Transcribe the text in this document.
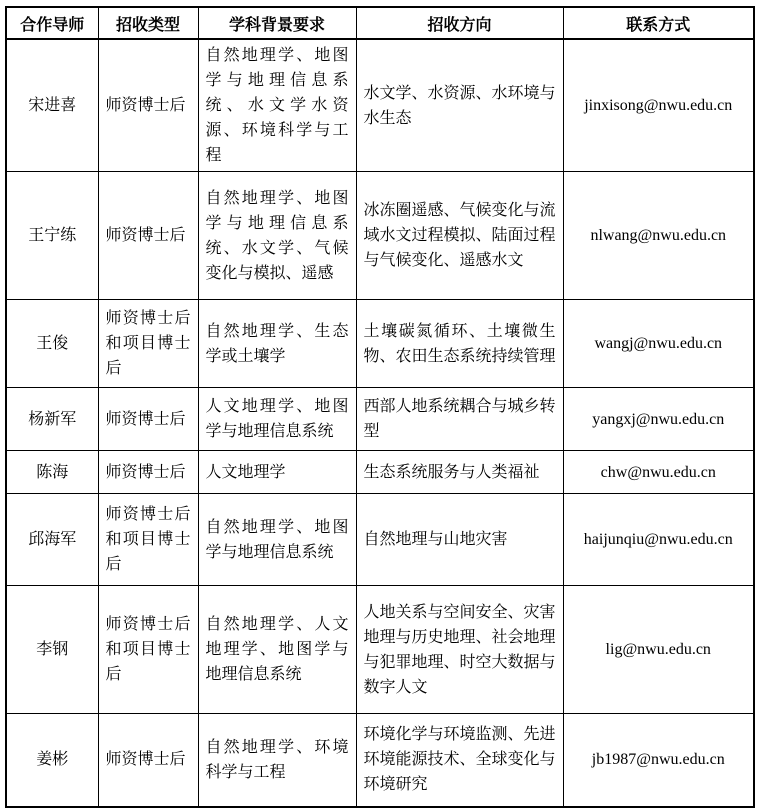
合作导师	招收类型	学科背景要求	招收方向	联系方式
宋进喜	师资博士后	自然地理学、地图学与地理信息系统、水文学水资源、环境科学与工程	水文学、水资源、水环境与水生态	jinxisong@nwu.edu.cn
王宁练	师资博士后	自然地理学、地图学与地理信息系统、水文学、气候变化与模拟、遥感	冰冻圈遥感、气候变化与流域水文过程模拟、陆面过程与气候变化、遥感水文	nlwang@nwu.edu.cn
王俊	师资博士后和项目博士后	自然地理学、生态学或土壤学	土壤碳氮循环、土壤微生物、农田生态系统持续管理	wangj@nwu.edu.cn
杨新军	师资博士后	人文地理学、地图学与地理信息系统	西部人地系统耦合与城乡转型	yangxj@nwu.edu.cn
陈海	师资博士后	人文地理学	生态系统服务与人类福祉	chw@nwu.edu.cn
邱海军	师资博士后和项目博士后	自然地理学、地图学与地理信息系统	自然地理与山地灾害	haijunqiu@nwu.edu.cn
李钢	师资博士后和项目博士后	自然地理学、人文地理学、地图学与地理信息系统	人地关系与空间安全、灾害地理与历史地理、社会地理与犯罪地理、时空大数据与数字人文	lig@nwu.edu.cn
姜彬	师资博士后	自然地理学、环境科学与工程	环境化学与环境监测、先进环境能源技术、全球变化与环境研究	jb1987@nwu.edu.cn
